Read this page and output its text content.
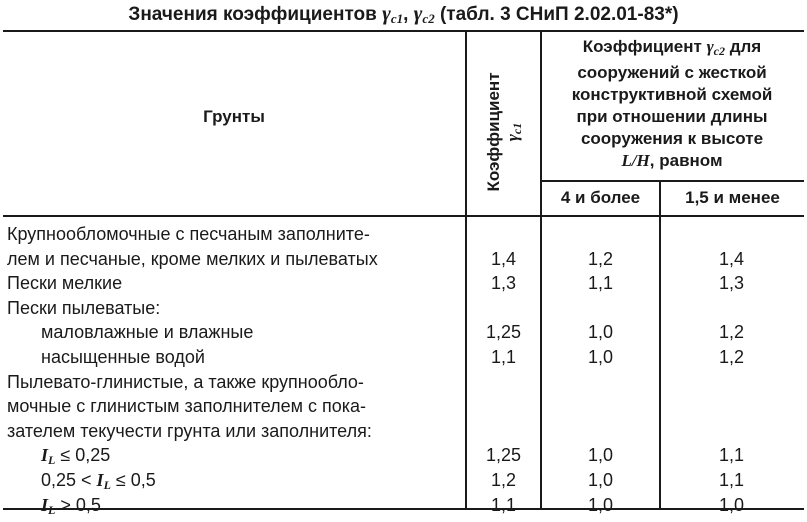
Значения коэффициентов $\gamma_{c1}$, $\gamma_{c2}$ (табл. 3 СНиП 2.02.01-83*)
Грунты	Коэффициент $\gamma_{c1}$
Коэффициент $\gamma_{c2}$ для
сооружений с жесткой
конструктивной схемой
при отношении длины
сооружения к высоте
L/H, равном
4 и более	1,5 и менее
Крупнообломочные с песчаным заполните-
лем и песчаные, кроме мелких и пылеватых	1,4	1,2	1,4
Пески мелкие	1,3	1,1	1,3
Пески пылеватые:
маловлажные и влажные	1,25	1,0	1,2
насыщенные водой	1,1	1,0	1,2
Пылевато-глинистые, а также крупнообло-
мочные с глинистым заполнителем с пока-
зателем текучести грунта или заполнителя:
$I_L \le 0,25$	1,25	1,0	1,1
$0,25 < I_L \le 0,5$	1,2	1,0	1,1
$I_L > 0,5$	1,1	1,0	1,0
